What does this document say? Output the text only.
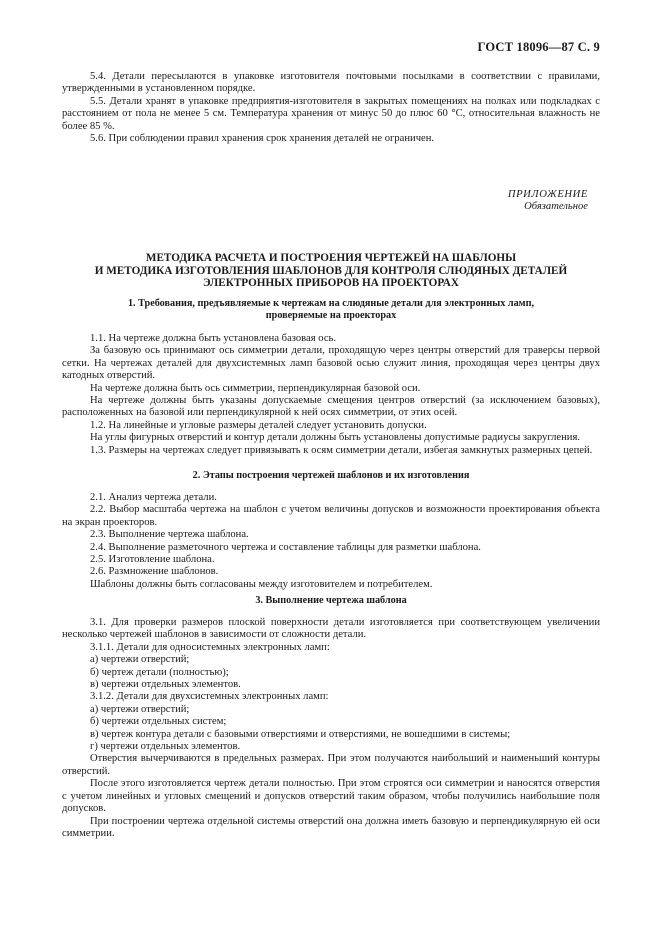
ГОСТ 18096—87 С. 9

5.4. Детали пересылаются в упаковке изготовителя почтовыми посылками в соответствии с правилами, утвержденными в установленном порядке.

5.5. Детали хранят в упаковке предприятия-изготовителя в закрытых помещениях на полках или подкладках с расстоянием от пола не менее 5 см. Температура хранения от минус 50 до плюс 60 °С, относительная влажность не более 85 %.

5.6. При соблюдении правил хранения срок хранения деталей не ограничен.

ПРИЛОЖЕНИЕ
Обязательное
МЕТОДИКА РАСЧЕТА И ПОСТРОЕНИЯ ЧЕРТЕЖЕЙ НА ШАБЛОНЫ
И МЕТОДИКА ИЗГОТОВЛЕНИЯ ШАБЛОНОВ ДЛЯ КОНТРОЛЯ СЛЮДЯНЫХ ДЕТАЛЕЙ
ЭЛЕКТРОННЫХ ПРИБОРОВ НА ПРОЕКТОРАХ
1. Требования, предъявляемые к чертежам на слюдяные детали для электронных ламп,
проверяемые на проекторах

1.1. На чертеже должна быть установлена базовая ось.

За базовую ось принимают ось симметрии детали, проходящую через центры отверстий для траверсы первой сетки. На чертежах деталей для двухсистемных ламп базовой осью служит линия, проходящая через центры двух катодных отверстий.

На чертеже должна быть ось симметрии, перпендикулярная базовой оси.

На чертеже должны быть указаны допускаемые смещения центров отверстий (за исключением базовых), расположенных на базовой или перпендикулярной к ней осях симметрии, от этих осей.

1.2. На линейные и угловые размеры деталей следует установить допуски.

На углы фигурных отверстий и контур детали должны быть установлены допустимые радиусы закругления.

1.3. Размеры на чертежах следует привязывать к осям симметрии детали, избегая замкнутых размерных цепей.

2. Этапы построения чертежей шаблонов и их изготовления

2.1. Анализ чертежа детали.

2.2. Выбор масштаба чертежа на шаблон с учетом величины допусков и возможности проектирования объекта на экран проекторов.

2.3. Выполнение чертежа шаблона.

2.4. Выполнение разметочного чертежа и составление таблицы для разметки шаблона.

2.5. Изготовление шаблона.

2.6. Размножение шаблонов.

Шаблоны должны быть согласованы между изготовителем и потребителем.

3. Выполнение чертежа шаблона

3.1. Для проверки размеров плоской поверхности детали изготовляется при соответствующем увеличении несколько чертежей шаблонов в зависимости от сложности детали.

3.1.1. Детали для односистемных электронных ламп:

а) чертежи отверстий;

б) чертеж детали (полностью);

в) чертежи отдельных элементов.

3.1.2. Детали для двухсистемных электронных ламп:

а) чертежи отверстий;

б) чертежи отдельных систем;

в) чертеж контура детали с базовыми отверстиями и отверстиями, не вошедшими в системы;

г) чертежи отдельных элементов.

Отверстия вычерчиваются в предельных размерах. При этом получаются наибольший и наименьший контуры отверстий.

После этого изготовляется чертеж детали полностью. При этом строятся оси симметрии и наносятся отверстия с учетом линейных и угловых смещений и допусков отверстий таким образом, чтобы получились наибольшие поля допусков.

При построении чертежа отдельной системы отверстий она должна иметь базовую и перпендикулярную ей оси симметрии.
